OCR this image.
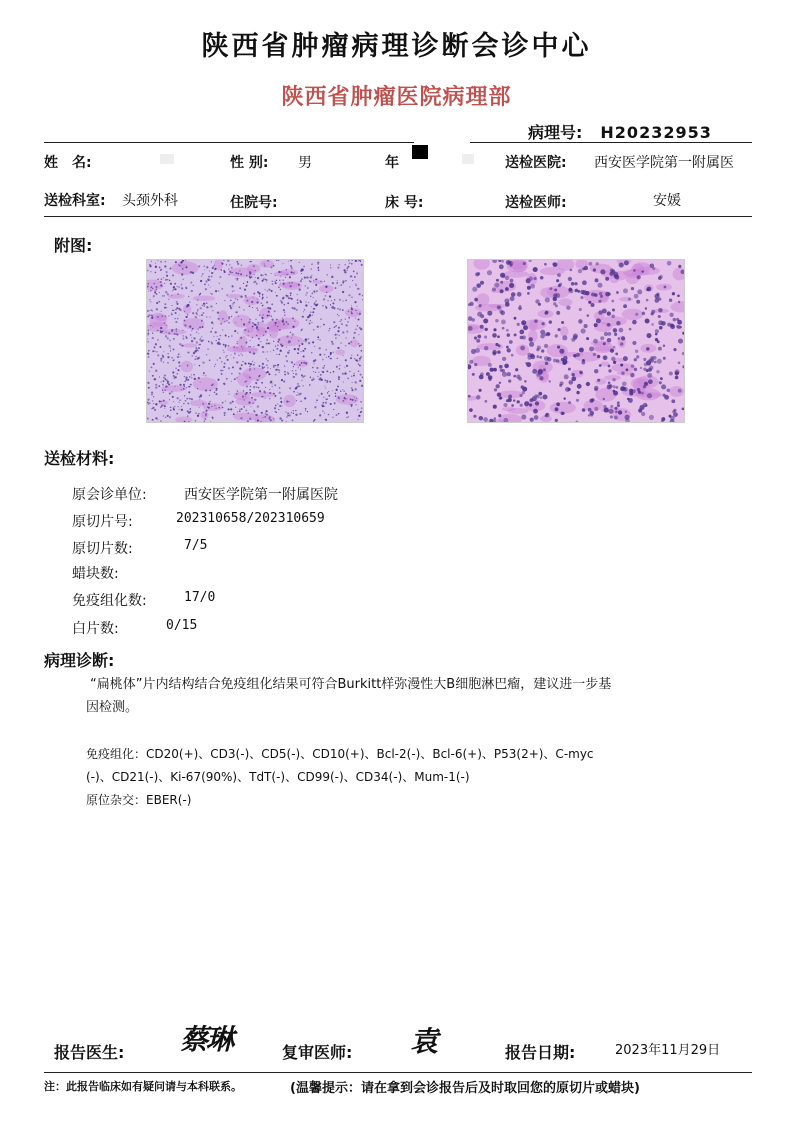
陕西省肿瘤病理诊断会诊中心
陕西省肿瘤医院病理部
病理号: H20232953
姓　名:	性 别: 男	年	送检医院: 西安医学院第一附属医
送检科室: 头颈外科	住院号:	床 号:	送检医师:	安媛
附图:
送检材料:
原会诊单位:	西安医学院第一附属医院
原切片号:	202310658/202310659
原切片数:	7/5
蜡块数:
免疫组化数:	17/0
白片数:	0/15
病理诊断:
“扁桃体”片内结构结合免疫组化结果可符合Burkitt样弥漫性大B细胞淋巴瘤，建议进一步基
因检测。
免疫组化：CD20(+)、CD3(-)、CD5(-)、CD10(+)、Bcl-2(-)、Bcl-6(+)、P53(2+)、C-myc
(-)、CD21(-)、Ki-67(90%)、TdT(-)、CD99(-)、CD34(-)、Mum-1(-)
原位杂交：EBER(-)
报告医生: 蔡琳	复审医师: 袁	报告日期:	2023年11月29日
注：此报告临床如有疑问请与本科联系。	(温馨提示：请在拿到会诊报告后及时取回您的原切片或蜡块)
